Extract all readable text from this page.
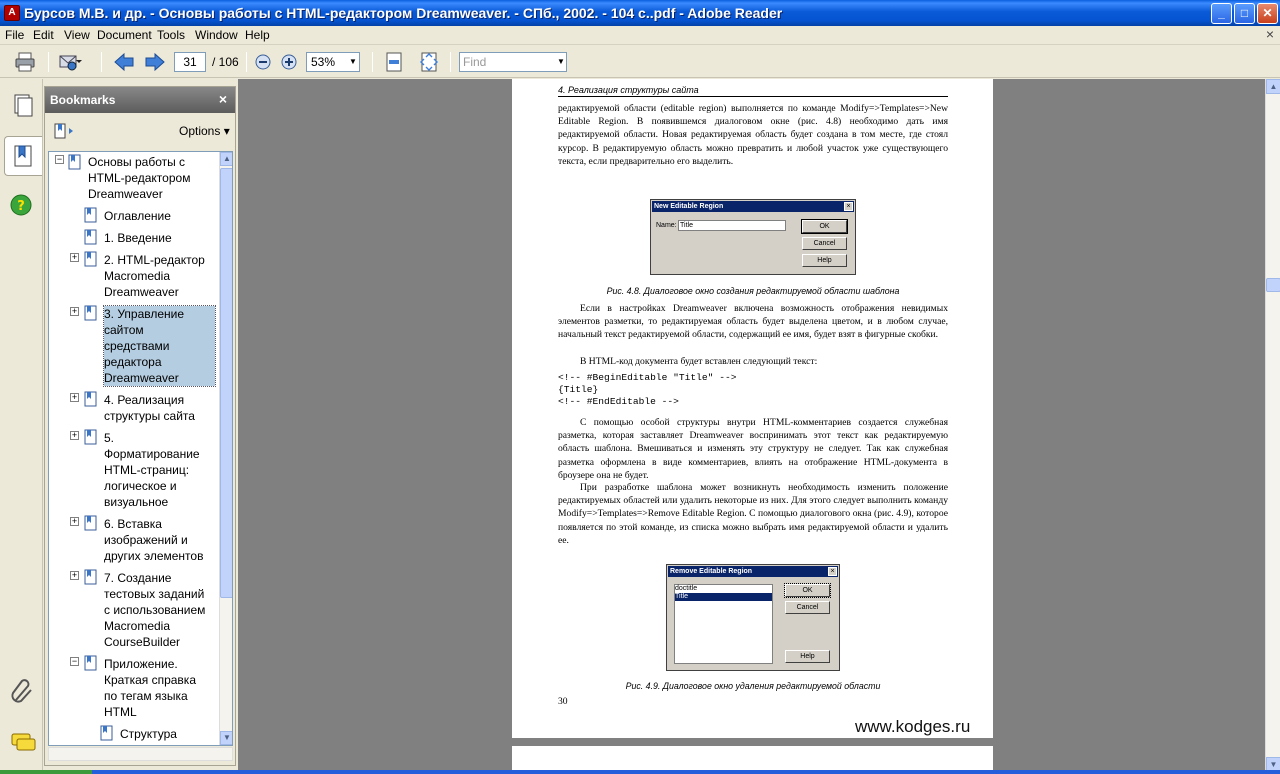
A Бурсов М.В. и др. - Основы работы с HTML-редактором Dreamweaver. - СПб., 2002. - 104 с..pdf - Adobe Reader	_	□	✕
File Edit View Document Tools Window Help	×
31	/ 106	53% ▼	Find	▼
?
Bookmarks	×
Options ▾
− Основы работы с
HTML-редактором
Dreamweaver
Оглавление
1. Введение
+ 2. HTML-редактор
Macromedia
Dreamweaver
+ 3. Управление
сайтом
средствами
редактора
Dreamweaver
+ 4. Реализация
структуры сайта
+ 5.
Форматирование
HTML-страниц:
логическое и
визуальное
+ 6. Вставка
изображений и
других элементов
+ 7. Создание
тестовых заданий
с использованием
Macromedia
CourseBuilder
− Приложение.
Краткая справка
по тегам языка
HTML
Структура
▲
▼
4. Реализация структуры сайта
редактируемой области (editable region) выполняется по команде Modify=>Templates=>New Editable Region. В появившемся диалоговом окне (рис. 4.8) необходимо дать имя редактируемой области. Новая редактируемая область будет создана в том месте, где стоял курсор. В редактируемую область можно превратить и любой участок уже существующего текста, если предварительно его выделить.
New Editable Region	×
Name: Title	OK
Cancel
Help
Рис. 4.8. Диалоговое окно создания редактируемой области шаблона
Если в настройках Dreamweaver включена возможность отображения невидимых элементов разметки, то редактируемая область будет выделена цветом, и в любом случае, начальный текст редактируемой области, содержащий ее имя, будет взят в фигурные скобки.
В HTML-код документа будет вставлен следующий текст:
<!-- #BeginEditable "Title" -->
{Title}
<!-- #EndEditable -->
С помощью особой структуры внутри HTML-комментариев создается служебная разметка, которая заставляет Dreamweaver воспринимать этот текст как редактируемую область шаблона. Вмешиваться и изменять эту структуру не следует. Так как служебная разметка оформлена в виде комментариев, влиять на отображение HTML-документа в броузере она не будет.
При разработке шаблона может возникнуть необходимость изменить положение редактируемых областей или удалить некоторые из них. Для этого следует выполнить команду Modify=>Templates=>Remove Editable Region. С помощью диалогового окна (рис. 4.9), которое появляется по этой команде, из списка можно выбрать имя редактируемой области и удалить ее.
Remove Editable Region	×
doctitle
Title
OK
Cancel
Help
Рис. 4.9. Диалоговое окно удаления редактируемой области
30
www.kodges.ru
▲
▼
